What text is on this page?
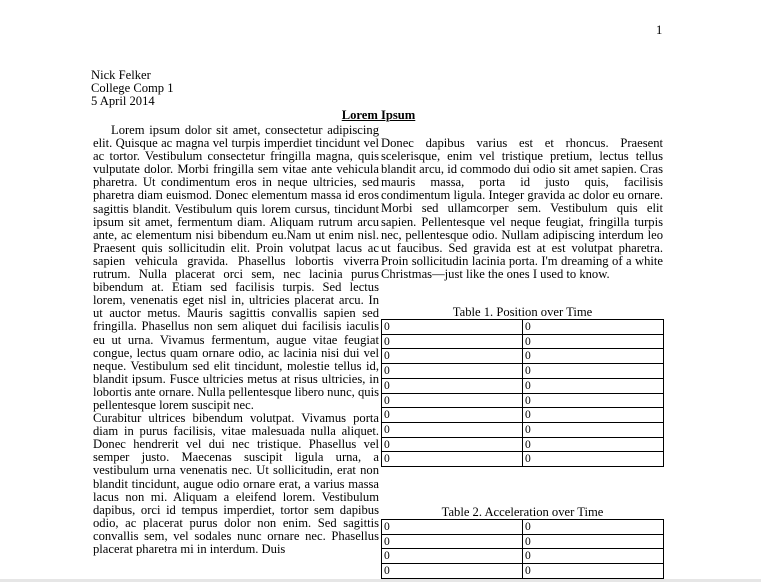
1
Nick Felker
College Comp 1
5 April 2014
Lorem Ipsum

Lorem ipsum dolor sit amet, consectetur adipiscing elit. Quisque ac magna vel turpis imperdiet tincidunt vel ac tortor. Vestibulum consectetur fringilla magna, quis vulputate dolor. Morbi fringilla sem vitae ante vehicula pharetra. Ut condimentum eros in neque ultricies, sed pharetra diam euismod. Donec elementum massa id eros sagittis blandit. Vestibulum quis lorem cursus, tincidunt ipsum sit amet, fermentum diam. Aliquam rutrum arcu ante, ac elementum nisi bibendum eu.Nam ut enim nisl. Praesent quis sollicitudin elit. Proin volutpat lacus ac sapien vehicula gravida. Phasellus lobortis viverra rutrum. Nulla placerat orci sem, nec lacinia purus bibendum at. Etiam sed facilisis turpis. Sed lectus lorem, venenatis eget nisl in, ultricies placerat arcu. In ut auctor metus. Mauris sagittis convallis sapien sed fringilla. Phasellus non sem aliquet dui facilisis iaculis eu ut urna. Vivamus fermentum, augue vitae feugiat congue, lectus quam ornare odio, ac lacinia nisi dui vel neque. Vestibulum sed elit tincidunt, molestie tellus id, blandit ipsum. Fusce ultricies metus at risus ultricies, in lobortis ante ornare. Nulla pellentesque libero nunc, quis pellentesque lorem suscipit nec.

Curabitur ultrices bibendum volutpat. Vivamus porta diam in purus facilisis, vitae malesuada nulla aliquet. Donec hendrerit vel dui nec tristique. Phasellus vel semper justo. Maecenas suscipit ligula urna, a vestibulum urna venenatis nec. Ut sollicitudin, erat non blandit tincidunt, augue odio ornare erat, a varius massa lacus non mi. Aliquam a eleifend lorem. Vestibulum dapibus, orci id tempus imperdiet, tortor sem dapibus odio, ac placerat purus dolor non enim. Sed sagittis convallis sem, vel sodales nunc ornare nec. Phasellus placerat pharetra mi in interdum. Duis

Donec dapibus varius est et rhoncus. Praesent scelerisque, enim vel tristique pretium, lectus tellus blandit arcu, id commodo dui odio sit amet sapien. Cras mauris massa, porta id justo quis, facilisis condimentum ligula. Integer gravida ac dolor eu ornare. Morbi sed ullamcorper sem. Vestibulum quis elit sapien. Pellentesque vel neque feugiat, fringilla turpis nec, pellentesque odio. Nullam adipiscing interdum leo ut faucibus. Sed gravida est at est volutpat pharetra. Proin sollicitudin lacinia porta. I'm dreaming of a white Christmas—just like the ones I used to know.

Table 1. Position over Time
0	0
0	0
0	0
0	0
0	0
0	0
0	0
0	0
0	0
0	0
Table 2. Acceleration over Time
0	0
0	0
0	0
0	0
